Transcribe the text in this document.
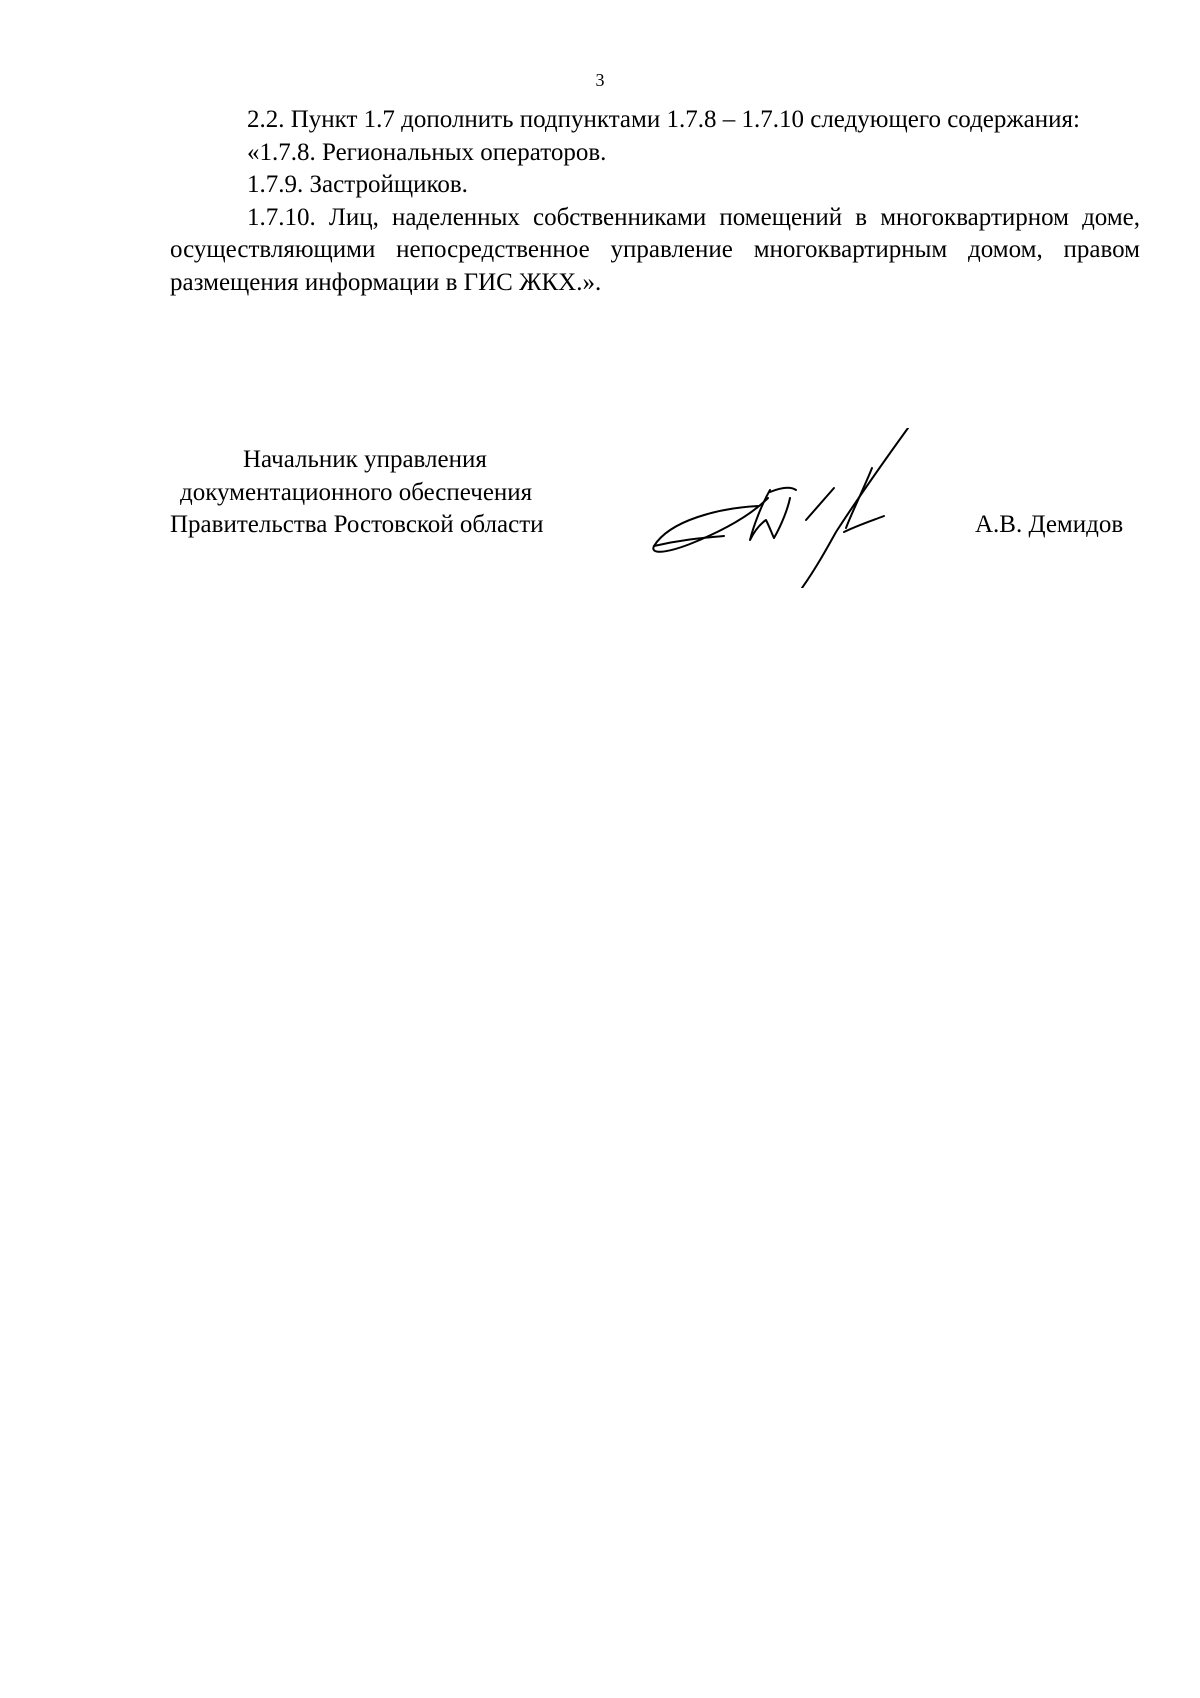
3

2.2. Пункт 1.7 дополнить подпунктами 1.7.8 – 1.7.10 следующего содержания:

«1.7.8. Региональных операторов.

1.7.9. Застройщиков.

1.7.10. Лиц, наделенных собственниками помещений в многоквартирном доме, осуществляющими непосредственное управление многоквартирным домом, правом размещения информации в ГИС ЖКХ.».

Начальник управления
документационного обеспечения
Правительства Ростовской области	А.В. Демидов
